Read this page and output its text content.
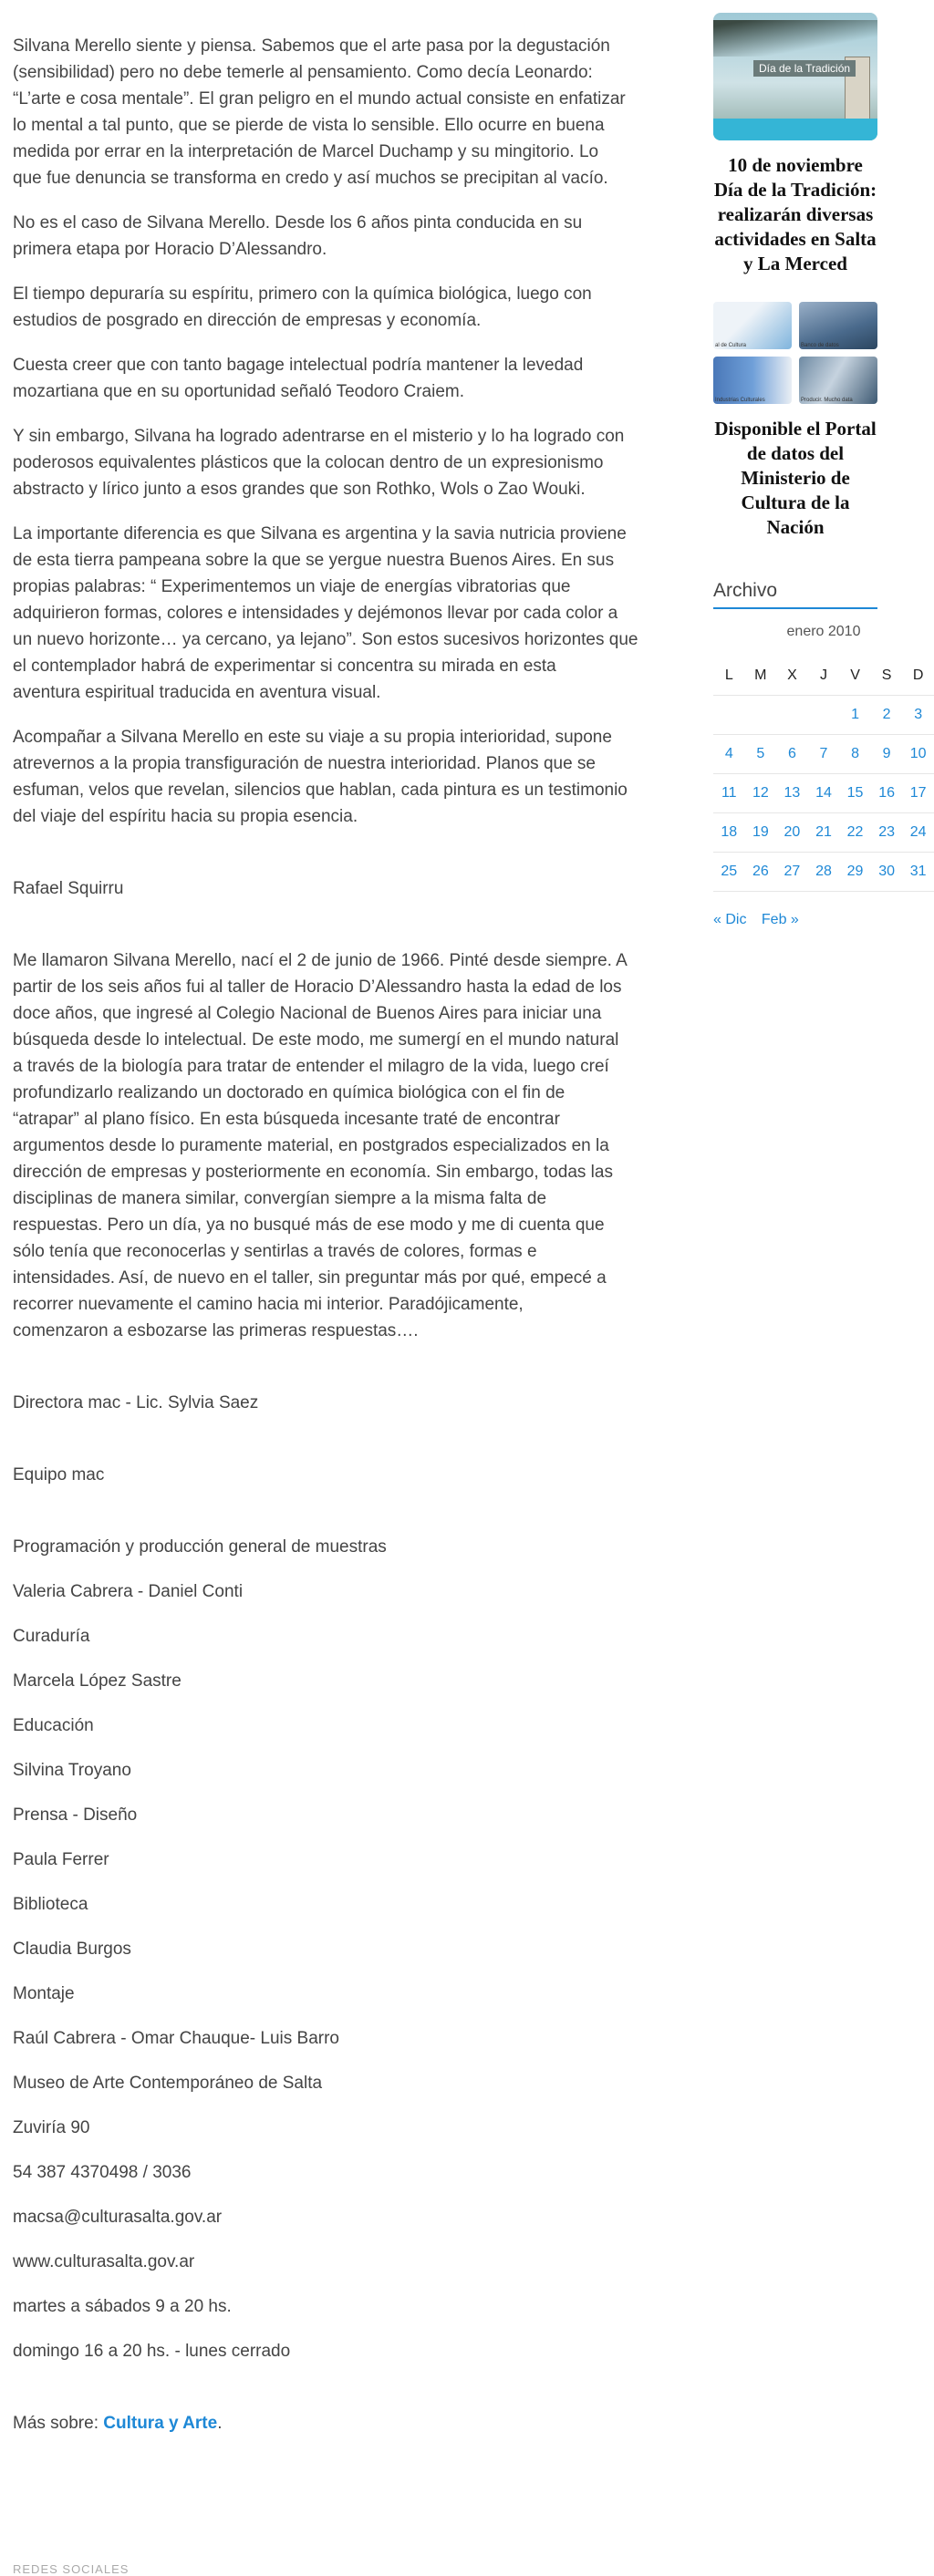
Silvana Merello siente y piensa. Sabemos que el arte pasa por la degustación
(sensibilidad) pero no debe temerle al pensamiento. Como decía Leonardo:
“L’arte e cosa mentale”. El gran peligro en el mundo actual consiste en enfatizar
lo mental a tal punto, que se pierde de vista lo sensible. Ello ocurre en buena
medida por errar en la interpretación de Marcel Duchamp y su mingitorio. Lo
que fue denuncia se transforma en credo y así muchos se precipitan al vacío.

No es el caso de Silvana Merello. Desde los 6 años pinta conducida en su
primera etapa por Horacio D’Alessandro.

El tiempo depuraría su espíritu, primero con la química biológica, luego con
estudios de posgrado en dirección de empresas y economía.

Cuesta creer que con tanto bagage intelectual podría mantener la levedad
mozartiana que en su oportunidad señaló Teodoro Craiem.

Y sin embargo, Silvana ha logrado adentrarse en el misterio y lo ha logrado con
poderosos equivalentes plásticos que la colocan dentro de un expresionismo
abstracto y lírico junto a esos grandes que son Rothko, Wols o Zao Wouki.

La importante diferencia es que Silvana es argentina y la savia nutricia proviene
de esta tierra pampeana sobre la que se yergue nuestra Buenos Aires. En sus
propias palabras: “ Experimentemos un viaje de energías vibratorias que
adquirieron formas, colores e intensidades y dejémonos llevar por cada color a
un nuevo horizonte… ya cercano, ya lejano”. Son estos sucesivos horizontes que
el contemplador habrá de experimentar si concentra su mirada en esta
aventura espiritual traducida en aventura visual.

Acompañar a Silvana Merello en este su viaje a su propia interioridad, supone
atrevernos a la propia transfiguración de nuestra interioridad. Planos que se
esfuman, velos que revelan, silencios que hablan, cada pintura es un testimonio
del viaje del espíritu hacia su propia esencia.

Rafael Squirru

Me llamaron Silvana Merello, nací el 2 de junio de 1966. Pinté desde siempre. A
partir de los seis años fui al taller de Horacio D’Alessandro hasta la edad de los
doce años, que ingresé al Colegio Nacional de Buenos Aires para iniciar una
búsqueda desde lo intelectual. De este modo, me sumergí en el mundo natural
a través de la biología para tratar de entender el milagro de la vida, luego creí
profundizarlo realizando un doctorado en química biológica con el fin de
“atrapar” al plano físico. En esta búsqueda incesante traté de encontrar
argumentos desde lo puramente material, en postgrados especializados en la
dirección de empresas y posteriormente en economía. Sin embargo, todas las
disciplinas de manera similar, convergían siempre a la misma falta de
respuestas. Pero un día, ya no busqué más de ese modo y me di cuenta que
sólo tenía que reconocerlas y sentirlas a través de colores, formas e
intensidades. Así, de nuevo en el taller, sin preguntar más por qué, empecé a
recorrer nuevamente el camino hacia mi interior. Paradójicamente,
comenzaron a esbozarse las primeras respuestas….

Directora mac - Lic. Sylvia Saez

Equipo mac

Programación y producción general de muestras

Valeria Cabrera - Daniel Conti

Curaduría

Marcela López Sastre

Educación

Silvina Troyano

Prensa - Diseño

Paula Ferrer

Biblioteca

Claudia Burgos

Montaje

Raúl Cabrera - Omar Chauque- Luis Barro

Museo de Arte Contemporáneo de Salta

Zuviría 90

54 387 4370498 / 3036

macsa@culturasalta.gov.ar

www.culturasalta.gov.ar

martes a sábados 9 a 20 hs.

domingo 16 a 20 hs. - lunes cerrado

Más sobre: Cultura y Arte.

REDES SOCIALES
Día de la Tradición
10 de noviembre Día de la Tradición: realizarán diversas actividades en Salta y La Merced
al de Cultura	Banco de datos
Industrias Culturales	Producir. Mucho data
Disponible el Portal de datos del Ministerio de Cultura de la Nación
Archivo
enero 2010
L	M	X	J	V	S	D
				1	2	3
4	5	6	7	8	9	10
11	12	13	14	15	16	17
18	19	20	21	22	23	24
25	26	27	28	29	30	31
« Dic Feb »
